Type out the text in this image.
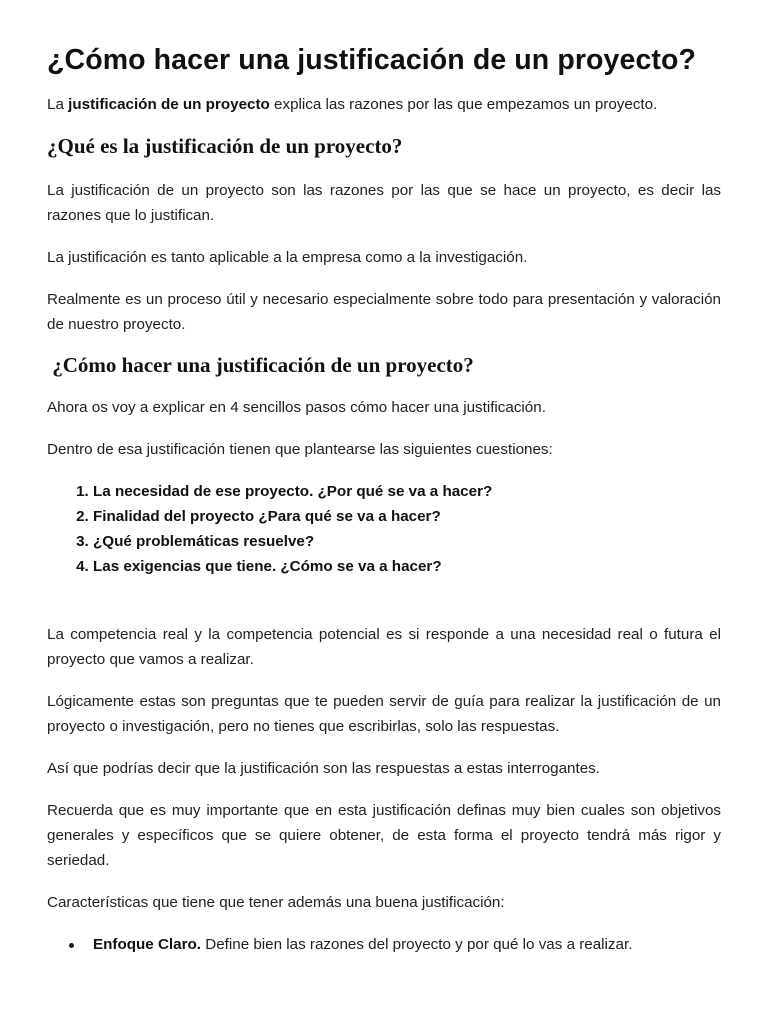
¿Cómo hacer una justificación de un proyecto?

La justificación de un proyecto explica las razones por las que empezamos un proyecto.

¿Qué es la justificación de un proyecto?

La justificación de un proyecto son las razones por las que se hace un proyecto, es decir las razones que lo justifican.

La justificación es tanto aplicable a la empresa como a la investigación.

Realmente es un proceso útil y necesario especialmente sobre todo para presentación y valoración de nuestro proyecto.

¿Cómo hacer una justificación de un proyecto?

Ahora os voy a explicar en 4 sencillos pasos cómo hacer una justificación.

Dentro de esa justificación tienen que plantearse las siguientes cuestiones:

1. La necesidad de ese proyecto. ¿Por qué se va a hacer?
2. Finalidad del proyecto ¿Para qué se va a hacer?
3. ¿Qué problemáticas resuelve?
4. Las exigencias que tiene. ¿Cómo se va a hacer?

La competencia real y la competencia potencial es si responde a una necesidad real o futura el proyecto que vamos a realizar.

Lógicamente estas son preguntas que te pueden servir de guía para realizar la justificación de un proyecto o investigación, pero no tienes que escribirlas, solo las respuestas.

Así que podrías decir que la justificación son las respuestas a estas interrogantes.

Recuerda que es muy importante que en esta justificación definas muy bien cuales son objetivos generales y específicos que se quiere obtener, de esta forma el proyecto tendrá más rigor y seriedad.

Características que tiene que tener además una buena justificación:

Enfoque Claro. Define bien las razones del proyecto y por qué lo vas a realizar.
